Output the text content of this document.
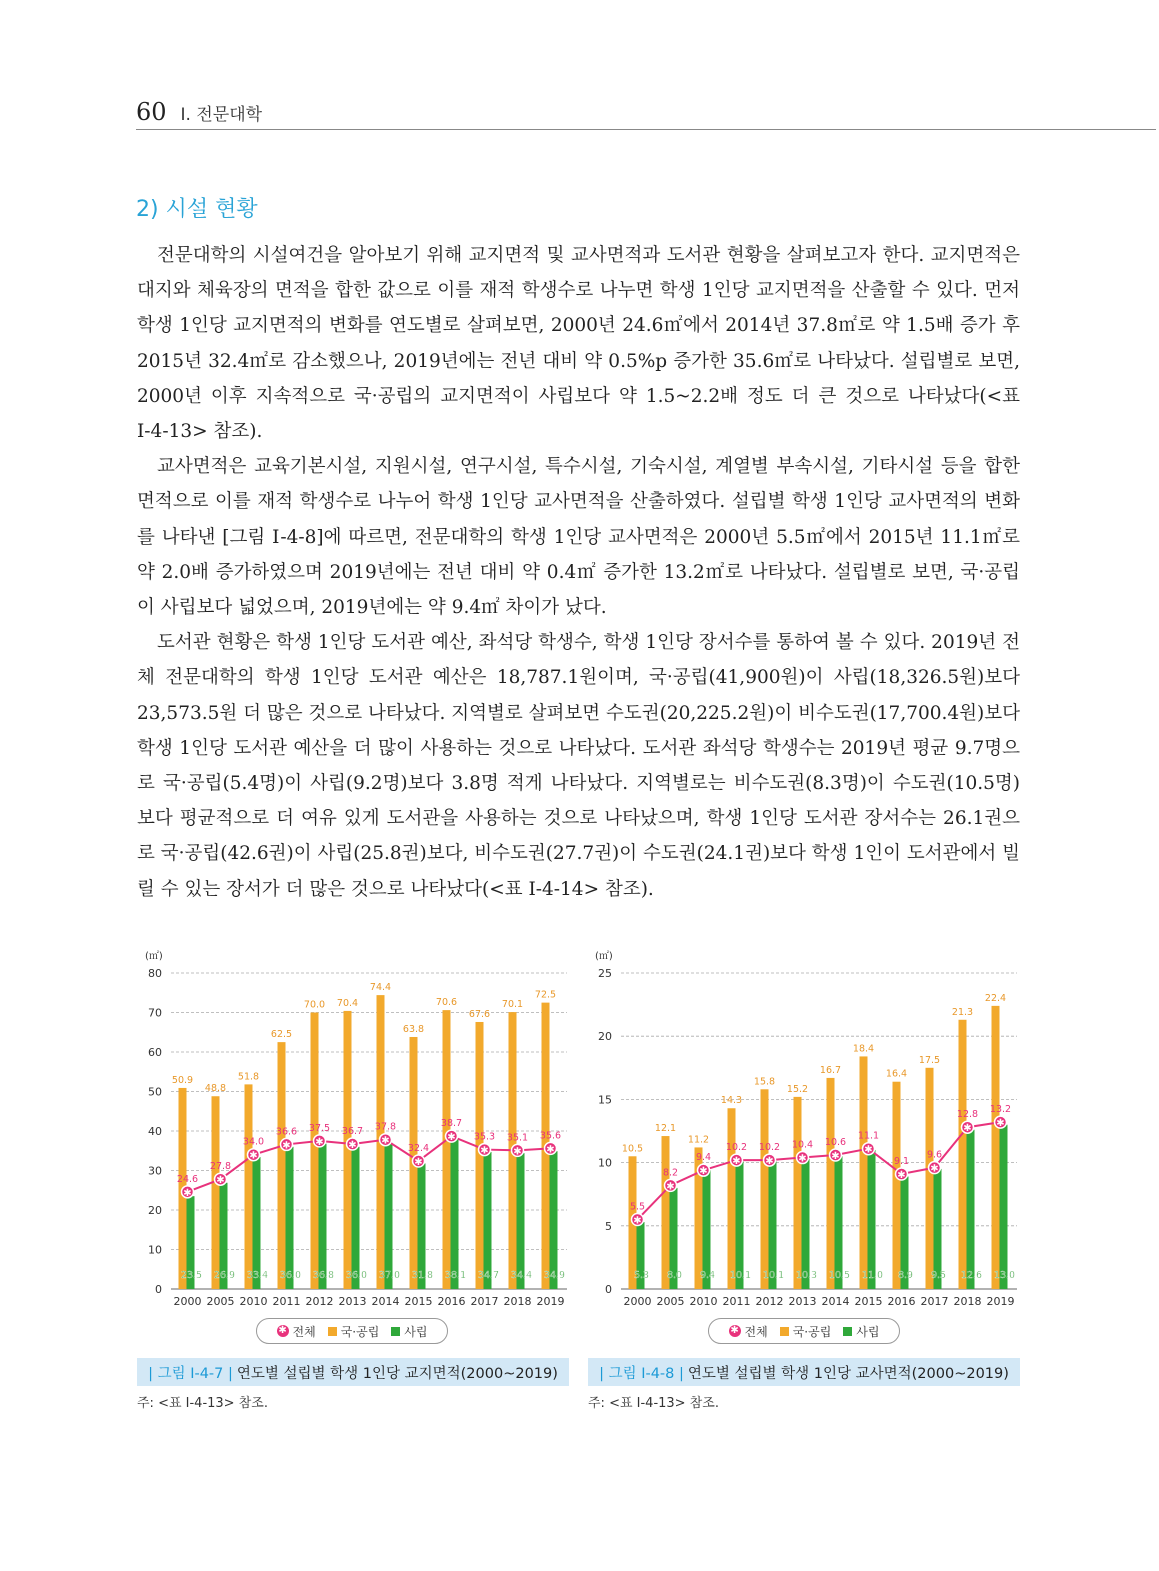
60 Ⅰ. 전문대학
2) 시설 현황

전문대학의 시설여건을 알아보기 위해 교지면적 및 교사면적과 도서관 현황을 살펴보고자 한다. 교지면적은 대지와 체육장의 면적을 합한 값으로 이를 재적 학생수로 나누면 학생 1인당 교지면적을 산출할 수 있다. 먼저 학생 1인당 교지면적의 변화를 연도별로 살펴보면, 2000년 24.6㎡에서 2014년 37.8㎡로 약 1.5배 증가 후 2015년 32.4㎡로 감소했으나, 2019년에는 전년 대비 약 0.5%p 증가한 35.6㎡로 나타났다. 설립별로 보면, 2000년 이후 지속적으로 국·공립의 교지면적이 사립보다 약 1.5~2.2배 정도 더 큰 것으로 나타났다(<표 Ⅰ-4-13> 참조).

교사면적은 교육기본시설, 지원시설, 연구시설, 특수시설, 기숙시설, 계열별 부속시설, 기타시설 등을 합한 면적으로 이를 재적 학생수로 나누어 학생 1인당 교사면적을 산출하였다. 설립별 학생 1인당 교사면적의 변화를 나타낸 [그림 Ⅰ-4-8]에 따르면, 전문대학의 학생 1인당 교사면적은 2000년 5.5㎡에서 2015년 11.1㎡로 약 2.0배 증가하였으며 2019년에는 전년 대비 약 0.4㎡ 증가한 13.2㎡로 나타났다. 설립별로 보면, 국·공립이 사립보다 넓었으며, 2019년에는 약 9.4㎡ 차이가 났다.

도서관 현황은 학생 1인당 도서관 예산, 좌석당 학생수, 학생 1인당 장서수를 통하여 볼 수 있다. 2019년 전체 전문대학의 학생 1인당 도서관 예산은 18,787.1원이며, 국·공립(41,900원)이 사립(18,326.5원)보다 23,573.5원 더 많은 것으로 나타났다. 지역별로 살펴보면 수도권(20,225.2원)이 비수도권(17,700.4원)보다 학생 1인당 도서관 예산을 더 많이 사용하는 것으로 나타났다. 도서관 좌석당 학생수는 2019년 평균 9.7명으로 국·공립(5.4명)이 사립(9.2명)보다 3.8명 적게 나타났다. 지역별로는 비수도권(8.3명)이 수도권(10.5명)보다 평균적으로 더 여유 있게 도서관을 사용하는 것으로 나타났으며, 학생 1인당 도서관 장서수는 26.1권으로 국·공립(42.6권)이 사립(25.8권)보다, 비수도권(27.7권)이 수도권(24.1권)보다 학생 1인이 도서관에서 빌릴 수 있는 장서가 더 많은 것으로 나타났다(<표 Ⅰ-4-14> 참조).

(㎡)
0
10
20
30
40
50
60
70
80
50.9
23.5
2000
48.8
26.9
2005
51.8
33.4
2010
62.5
36.0
2011
70.0
36.8
2012
70.4
36.0
2013
74.4
37.0
2014
63.8
31.8
2015
70.6
38.1
2016
67.6
34.7
2017
70.1
34.4
2018
72.5
34.9
2019
✱
24.6 ✱
27.8
✱
34.0 ✱
36.6
✱
37.5
✱
36.7
✱
37.8
✱
32.4
✱
38.7
✱
35.3
✱
35.1
✱
35.6
(㎡)
0
5
10
15
20
25
10.5
5.3
2000
12.1
8.0
2005
11.2
9.4
2010
14.3
10.1
2011
15.8
10.1
2012
15.2
10.3
2013
16.7
10.5
2014
18.4
11.0
2015
16.4
8.9
2016
17.5
9.5
2017
21.3
12.6
2018
22.4
13.0
2019
✱
5.5
✱
8.2 ✱
9.4 ✱
10.2
✱
10.2
✱
10.4
✱
10.6
✱
11.1
✱
9.1
✱
9.6
✱
12.8
✱
13.2
✱ 전체 국·공립 사립	✱ 전체 국·공립 사립
| 그림 Ⅰ-4-7 | 연도별 설립별 학생 1인당 교지면적(2000~2019)	| 그림 Ⅰ-4-8 | 연도별 설립별 학생 1인당 교사면적(2000~2019)
주: <표 Ⅰ-4-13> 참조.	주: <표 Ⅰ-4-13> 참조.
